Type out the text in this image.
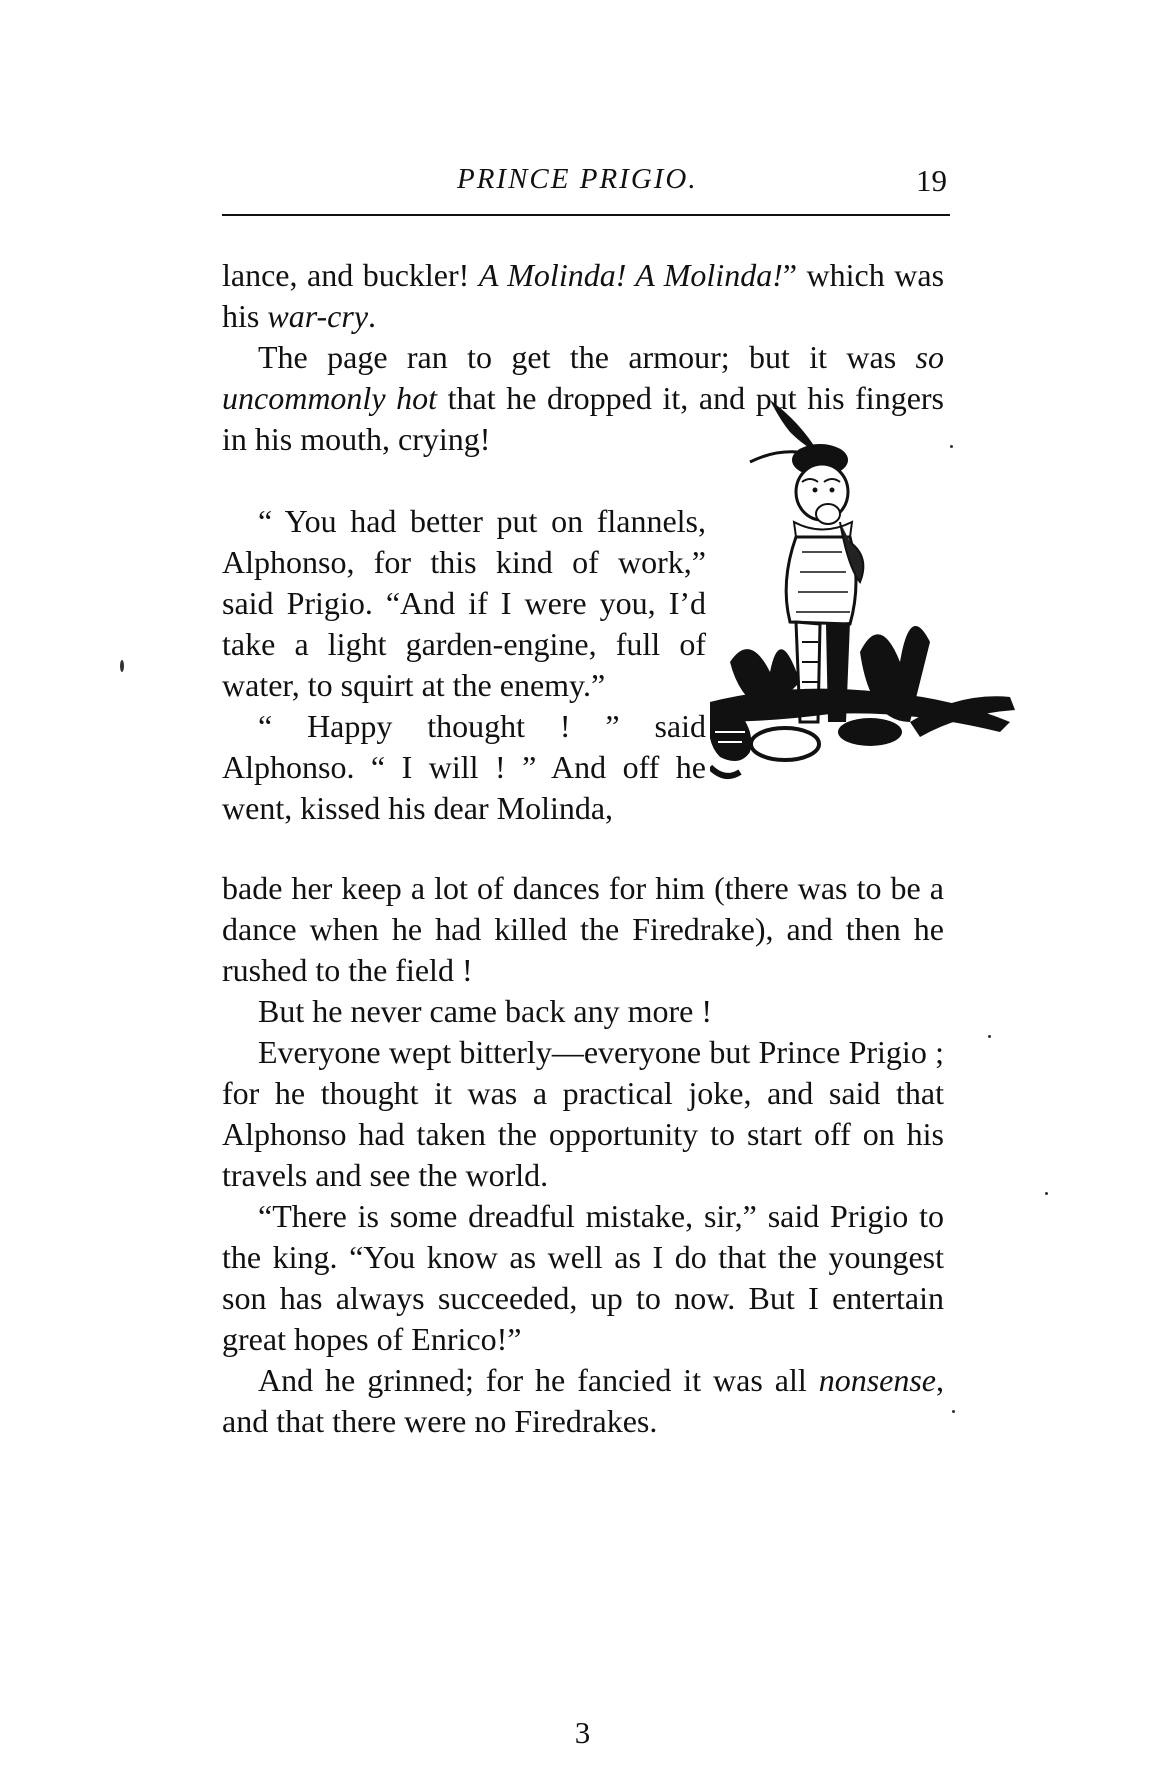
PRINCE PRIGIO.	19

lance, and buckler! A Molinda! A Molinda!” which was his war-cry.

The page ran to get the armour; but it was so uncommonly hot that he dropped it, and put his fingers in his mouth, crying!

“ You had better put on flannels, Alphonso, for this kind of work,” said Prigio. “And if I were you, I’d take a light garden-engine, full of water, to squirt at the enemy.”

“ Happy thought ! ” said Alphonso. “ I will ! ” And off he went, kissed his dear Molinda,

bade her keep a lot of dances for him (there was to be a dance when he had killed the Firedrake), and then he rushed to the field !

But he never came back any more !

Everyone wept bitterly—everyone but Prince Prigio ; for he thought it was a practical joke, and said that Alphonso had taken the opportunity to start off on his travels and see the world.

“There is some dreadful mistake, sir,” said Prigio to the king. “You know as well as I do that the youngest son has always succeeded, up to now. But I entertain great hopes of Enrico!”

And he grinned; for he fancied it was all nonsense, and that there were no Firedrakes.

3
